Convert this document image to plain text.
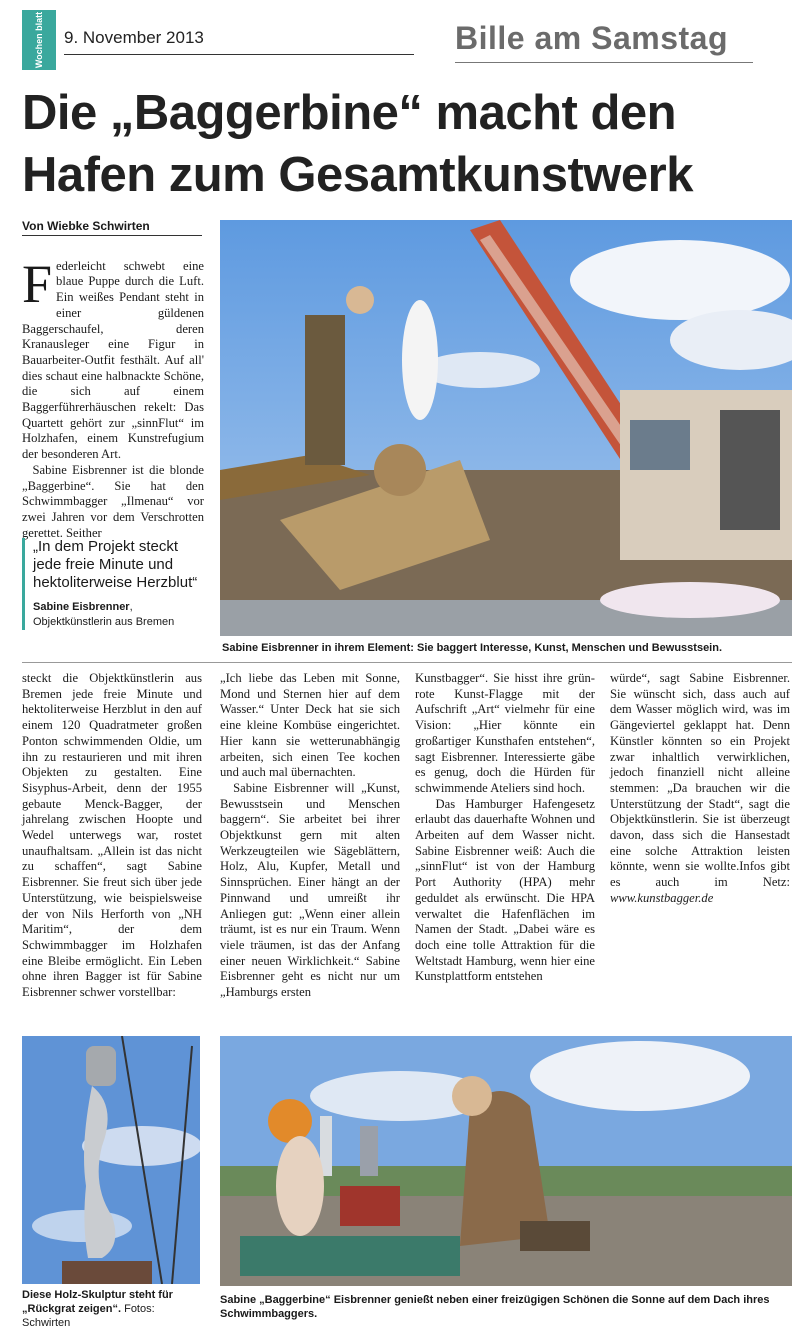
Wochen blatt 9. November 2013	Bille am Samstag
Die „Baggerbine“ macht den Hafen zum Gesamtkunstwerk
Von Wiebke Schwirten

Federleicht schwebt eine blaue Puppe durch die Luft. Ein weißes Pendant steht in einer güldenen Baggerschaufel, deren Kranausleger eine Figur in Bauarbeiter-Outfit festhält. Auf all' dies schaut eine halbnackte Schöne, die sich auf einem Baggerführerhäuschen rekelt: Das Quartett gehört zur „sinnFlut“ im Holzhafen, einem Kunstrefugium der besonderen Art.
Sabine Eisbrenner ist die blonde „Baggerbine“. Sie hat den Schwimmbagger „Ilmenau“ vor zwei Jahren vor dem Verschrotten gerettet. Seither

„In dem Projekt steckt jede freie Minute und hektoliterweise Herzblut“
Sabine Eisbrenner, Objektkünstlerin aus Bremen
Sabine Eisbrenner in ihrem Element: Sie baggert Interesse, Kunst, Menschen und Bewusstsein.
steckt die Objektkünstlerin aus Bremen jede freie Minute und hektoliterweise Herzblut in den auf einem 120 Quadratmeter großen Ponton schwimmenden Oldie, um ihn zu restaurieren und mit ihren Objekten zu gestalten. Eine Sisyphus-Arbeit, denn der 1955 gebaute Menck-Bagger, der jahrelang zwischen Hoopte und Wedel unterwegs war, rostet unaufhaltsam. „Allein ist das nicht zu schaffen“, sagt Sabine Eisbrenner. Sie freut sich über jede Unterstützung, wie beispielsweise der von Nils Herforth von „NH Maritim“, der dem Schwimmbagger im Holzhafen eine Bleibe ermöglicht. Ein Leben ohne ihren Bagger ist für Sabine Eisbrenner schwer vorstellbar:
„Ich liebe das Leben mit Sonne, Mond und Sternen hier auf dem Wasser.“ Unter Deck hat sie sich eine kleine Kombüse eingerichtet. Hier kann sie wetterunabhängig arbeiten, sich einen Tee kochen und auch mal übernachten.
Sabine Eisbrenner will „Kunst, Bewusstsein und Menschen baggern“. Sie arbeitet bei ihrer Objektkunst gern mit alten Werkzeugteilen wie Sägeblättern, Holz, Alu, Kupfer, Metall und Sinnsprüchen. Einer hängt an der Pinnwand und umreißt ihr Anliegen gut: „Wenn einer allein träumt, ist es nur ein Traum. Wenn viele träumen, ist das der Anfang einer neuen Wirklichkeit.“ Sabine Eisbrenner geht es nicht nur um „Hamburgs ersten
Kunstbagger“. Sie hisst ihre grün-rote Kunst-Flagge mit der Aufschrift „Art“ vielmehr für eine Vision: „Hier könnte ein großartiger Kunsthafen entstehen“, sagt Eisbrenner. Interessierte gäbe es genug, doch die Hürden für schwimmende Ateliers sind hoch.
Das Hamburger Hafengesetz erlaubt das dauerhafte Wohnen und Arbeiten auf dem Wasser nicht. Sabine Eisbrenner weiß: Auch die „sinnFlut“ ist von der Hamburg Port Authority (HPA) mehr geduldet als erwünscht. Die HPA verwaltet die Hafenflächen im Namen der Stadt. „Dabei wäre es doch eine tolle Attraktion für die Weltstadt Hamburg, wenn hier eine Kunstplattform entstehen
würde“, sagt Sabine Eisbrenner. Sie wünscht sich, dass auch auf dem Wasser möglich wird, was im Gängeviertel geklappt hat. Denn Künstler könnten so ein Projekt zwar inhaltlich verwirklichen, jedoch finanziell nicht alleine stemmen: „Da brauchen wir die Unterstützung der Stadt“, sagt die Objektkünstlerin. Sie ist überzeugt davon, dass sich die Hansestadt eine solche Attraktion leisten könnte, wenn sie wollte.Infos gibt es auch im Netz: www.kunstbagger.de
Diese Holz-Skulptur steht für „Rückgrat zeigen“. Fotos: Schwirten
Sabine „Baggerbine“ Eisbrenner genießt neben einer freizügigen Schönen die Sonne auf dem Dach ihres Schwimmbaggers.
